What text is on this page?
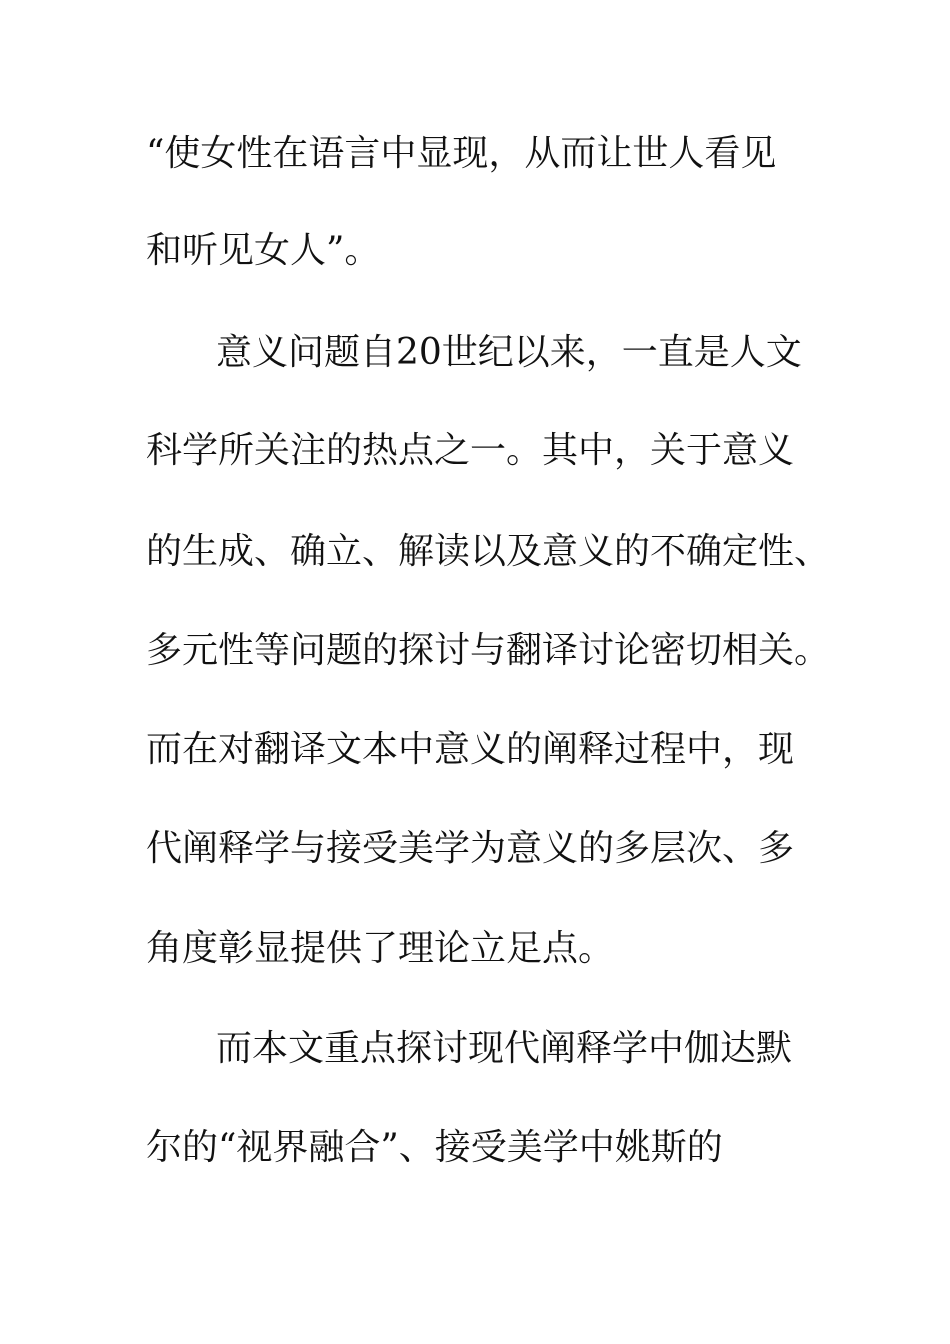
“使女性在语言中显现，从而让世人看见
和听见女人”。
意义问题自20世纪以来，一直是人文
科学所关注的热点之一。其中，关于意义
的生成、确立、解读以及意义的不确定性、
多元性等问题的探讨与翻译讨论密切相关。
而在对翻译文本中意义的阐释过程中，现
代阐释学与接受美学为意义的多层次、多
角度彰显提供了理论立足点。
而本文重点探讨现代阐释学中伽达默
尔的“视界融合”、接受美学中姚斯的
